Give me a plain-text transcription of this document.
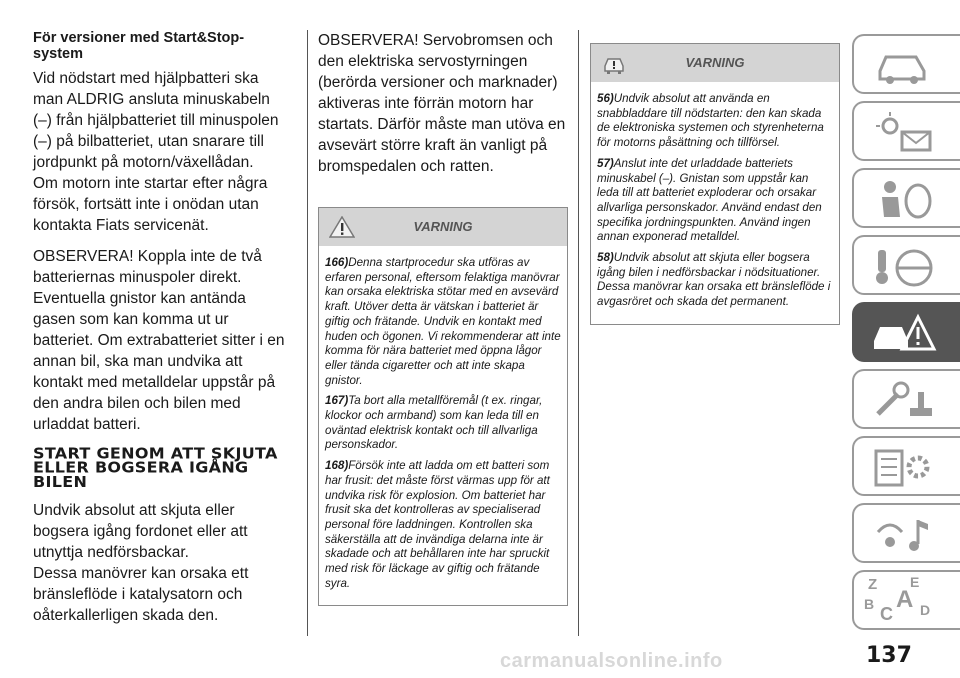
För versioner med Start&Stop-system

Vid nödstart med hjälpbatteri ska man ALDRIG ansluta minuskabeln (–) från hjälpbatteriet till minuspolen (–) på bilbatteriet, utan snarare till jordpunkt på motorn/växellådan.

Om motorn inte startar efter några försök, fortsätt inte i onödan utan kontakta Fiats servicenät.

OBSERVERA! Koppla inte de två batteriernas minuspoler direkt. Eventuella gnistor kan antända gasen som kan komma ut ur batteriet. Om extrabatteriet sitter i en annan bil, ska man undvika att kontakt med metalldelar uppstår på den andra bilen och bilen med urladdat batteri.

START GENOM ATT SKJUTA ELLER BOGSERA IGÅNG BILEN

Undvik absolut att skjuta eller bogsera igång fordonet eller att utnyttja nedförsbackar.

Dessa manövrer kan orsaka ett bränsleflöde i katalysatorn och oåterkallerligen skada den.

OBSERVERA! Servobromsen och den elektriska servostyrningen (berörda versioner och marknader) aktiveras inte förrän motorn har startats. Därför måste man utöva en avsevärt större kraft än vanligt på bromspedalen och ratten.

VARNING

166)Denna startprocedur ska utföras av erfaren personal, eftersom felaktiga manövrar kan orsaka elektriska stötar med en avsevärd kraft. Utöver detta är vätskan i batteriet är giftig och frätande. Undvik en kontakt med huden och ögonen. Vi rekommenderar att inte komma för nära batteriet med öppna lågor eller tända cigaretter och att inte skapa gnistor.

167)Ta bort alla metallföremål (t ex. ringar, klockor och armband) som kan leda till en oväntad elektrisk kontakt och till allvarliga personskador.

168)Försök inte att ladda om ett batteri som har frusit: det måste först värmas upp för att undvika risk för explosion. Om batteriet har frusit ska det kontrolleras av specialiserad personal före laddningen. Kontrollen ska säkerställa att de invändiga delarna inte är skadade och att behållaren inte har spruckit med risk för läckage av giftig och frätande syra.

VARNING

56)Undvik absolut att använda en snabbladdare till nödstarten: den kan skada de elektroniska systemen och styrenheterna för motorns påsättning och tillförsel.

57)Anslut inte det urladdade batteriets minuskabel (–). Gnistan som uppstår kan leda till att batteriet exploderar och orsakar allvarliga personskador. Använd endast den specifika jordningspunkten. Använd ingen annan exponerad metalldel.

58)Undvik absolut att skjuta eller bogsera igång bilen i nedförsbackar i nödsituationer. Dessa manövrar kan orsaka ett bränsleflöde i avgasröret och skada det permanent.

Z E
B A
C D
carmanualsonline.info	137
